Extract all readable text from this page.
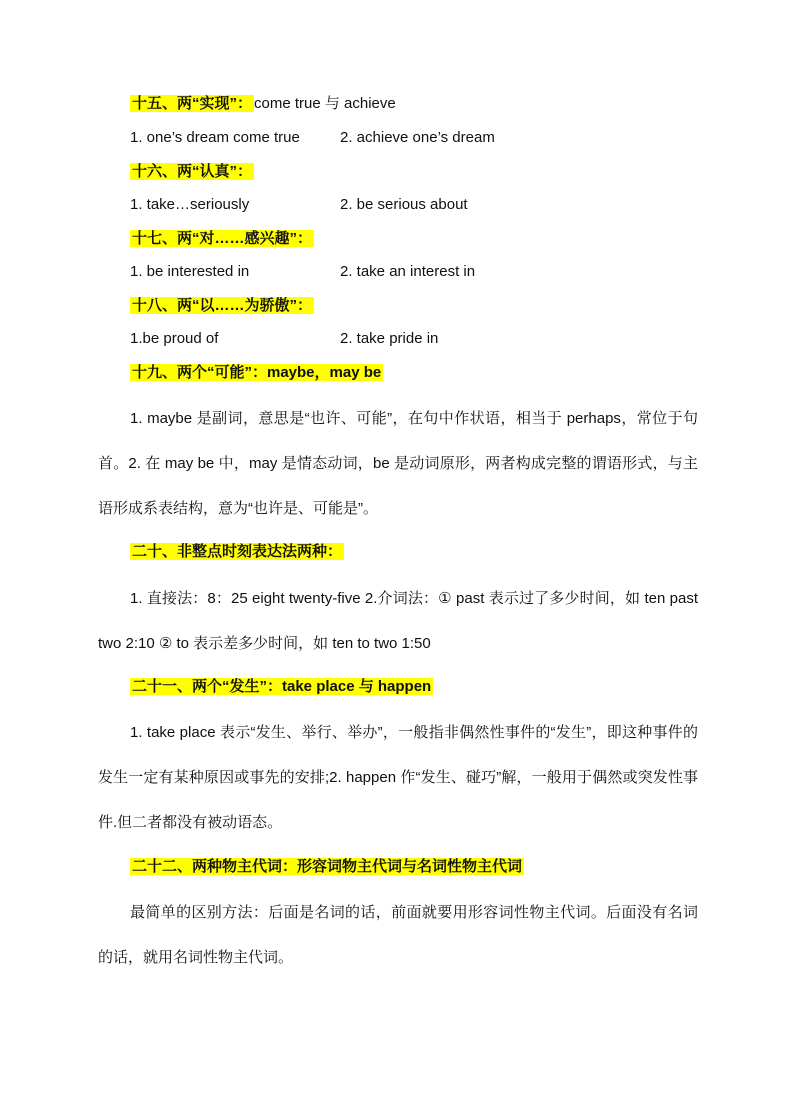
十五、两“实现”： come true 与 achieve
1. one’s dream come true	2. achieve one’s dream
十六、两“认真”：
1. take…seriously	2. be serious about
十七、两“对……感兴趣”：
1. be interested in	2. take an interest in
十八、两“以……为骄傲”：
1.be proud of	2. take pride in
十九、两个“可能”：maybe，may be
1. maybe 是副词，意思是“也许、可能”，在句中作状语，相当于 perhaps，常位于句首。2. 在 may be 中，may 是情态动词，be 是动词原形，两者构成完整的谓语形式，与主语形成系表结构，意为“也许是、可能是”。
二十、非整点时刻表达法两种：
1. 直接法：8：25 eight twenty-five 2.介词法：① past 表示过了多少时间，如 ten past two 2:10 ② to 表示差多少时间，如 ten to two 1:50
二十一、两个“发生”：take place 与 happen
1. take place 表示“发生、举行、举办”，一般指非偶然性事件的“发生”，即这种事件的发生一定有某种原因或事先的安排;2. happen 作“发生、碰巧”解，一般用于偶然或突发性事件.但二者都没有被动语态。
二十二、两种物主代词：形容词物主代词与名词性物主代词
最简单的区别方法：后面是名词的话，前面就要用形容词性物主代词。后面没有名词的话，就用名词性物主代词。
